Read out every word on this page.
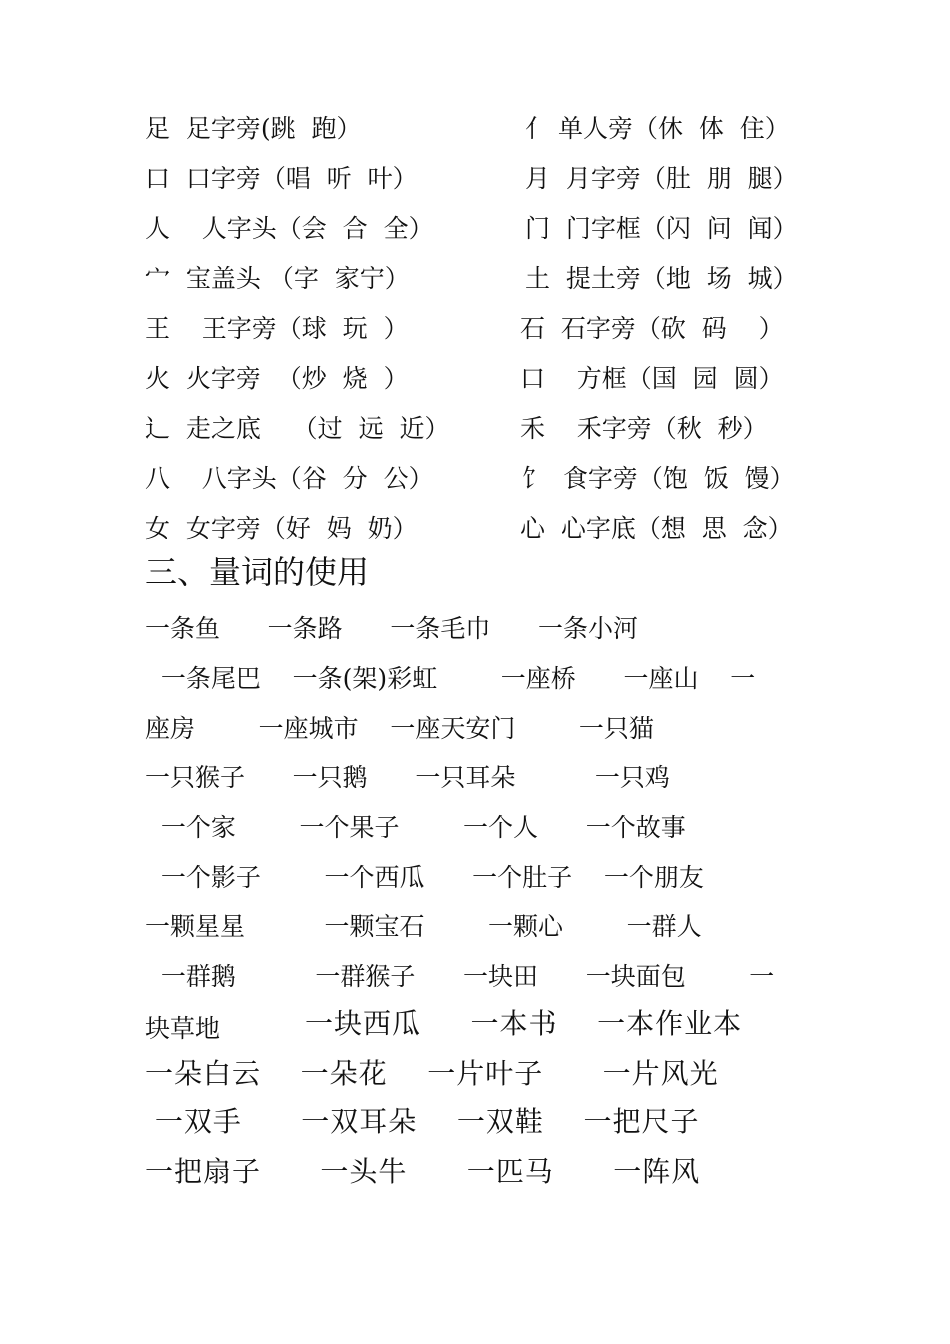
足  足字旁(跳  跑）
口  口字旁（唱  听  叶）
人    人字头（会  合  全）
宀  宝盖头 （字  家宁）
王    王字旁（球  玩  ）
火  火字旁  （炒  烧  ）
辶  走之底    （过  远  近）
八    八字头（谷  分  公）
女  女字旁（好  妈  奶）
亻 单人旁（休  体  住）
月  月字旁（肚  朋  腿）
门  门字框（闪  问  闻）
土  提土旁（地  场  城）
石  石字旁（砍  码    ）
口    方框（国  园  圆）
禾    禾字旁（秋  秒）
饣  食字旁（饱  饭  馒）
心  心字底（想  思  念）
三、量词的使用
一条鱼      一条路      一条毛巾      一条小河
一条尾巴    一条(架)彩虹        一座桥      一座山    一
座房        一座城市    一座天安门        一只猫
一只猴子      一只鹅      一只耳朵          一只鸡
一个家        一个果子        一个人      一个故事
一个影子        一个西瓜      一个肚子    一个朋友
一颗星星          一颗宝石        一颗心        一群人
一群鹅          一群猴子      一块田      一块面包        一
块草地	一块西瓜     一本书    一本作业本
一朵白云    一朵花    一片叶子      一片风光
一双手      一双耳朵    一双鞋    一把尺子
一把扇子      一头牛      一匹马      一阵风
